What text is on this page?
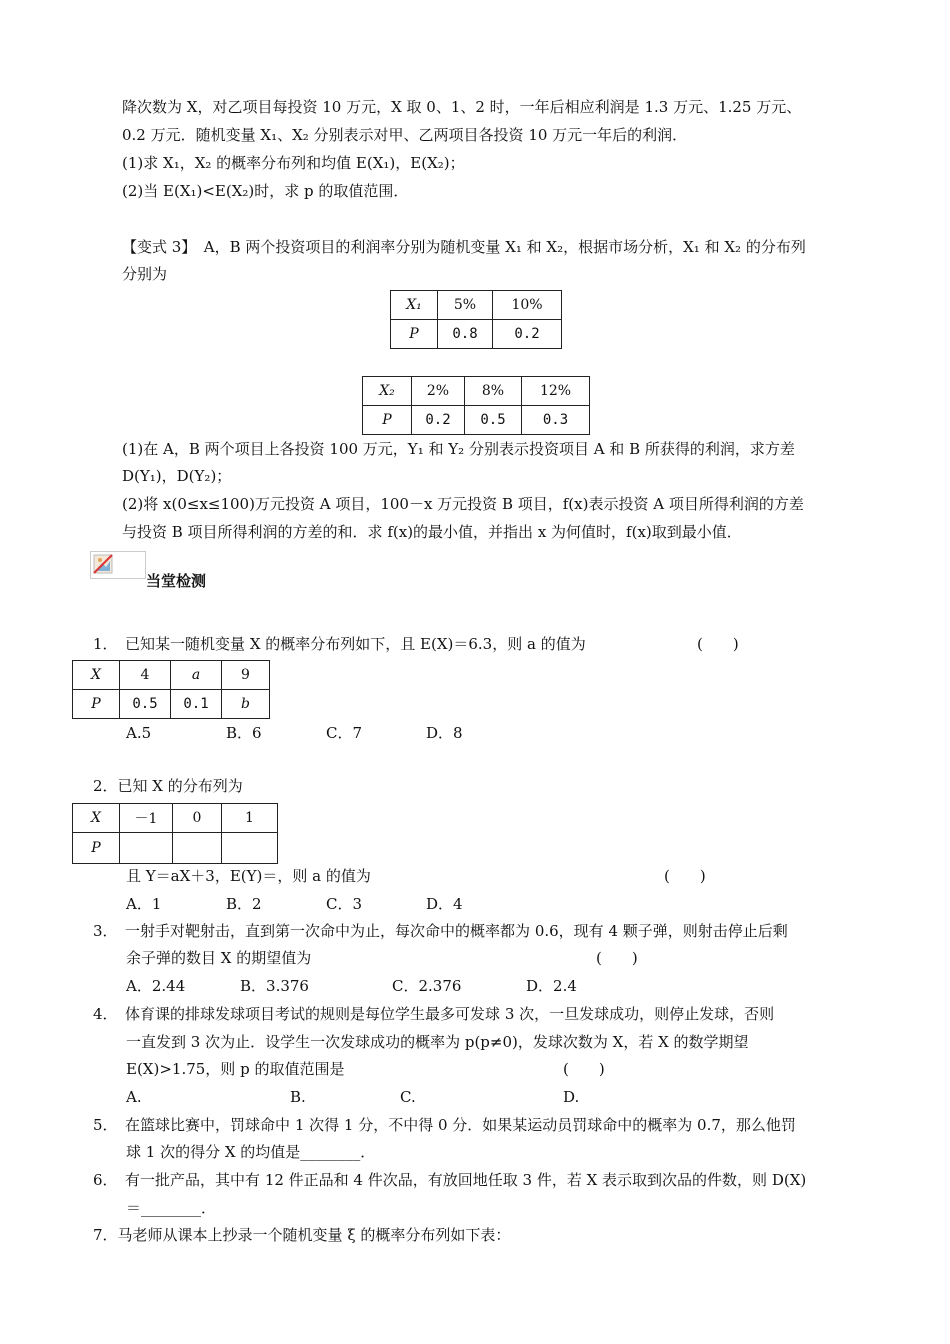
降次数为 X，对乙项目每投资 10 万元，X 取 0、1、2 时，一年后相应利润是 1.3 万元、1.25 万元、
0.2 万元．随机变量 X₁、X₂ 分别表示对甲、乙两项目各投资 10 万元一年后的利润．
(1)求 X₁，X₂ 的概率分布列和均值 E(X₁)，E(X₂)；
(2)当 E(X₁)<E(X₂)时，求 p 的取值范围．
【变式 3】　A，B 两个投资项目的利润率分别为随机变量 X₁ 和 X₂，根据市场分析，X₁ 和 X₂ 的分布列
分别为
X₁	5%	10%
P	0.8	0.2
X₂	2%	8%	12%
P	0.2	0.5	0.3
(1)在 A，B 两个项目上各投资 100 万元，Y₁ 和 Y₂ 分别表示投资项目 A 和 B 所获得的利润，求方差
D(Y₁)，D(Y₂)；
(2)将 x(0≤x≤100)万元投资 A 项目，100－x 万元投资 B 项目，f(x)表示投资 A 项目所得利润的方差
与投资 B 项目所得利润的方差的和．求 f(x)的最小值，并指出 x 为何值时，f(x)取到最小值．
当堂检测
1．　已知某一随机变量 X 的概率分布列如下，且 E(X)＝6.3，则 a 的值为	(　　)
X	4	a	9
P	0.5	0.1	b
A.5	B．6	C．7	D．8
2．已知 X 的分布列为
X	－1	0	1
P			
且 Y＝aX＋3，E(Y)＝，则 a 的值为	(　　)
A．1	B．2	C．3	D．4
3．　一射手对靶射击，直到第一次命中为止，每次命中的概率都为 0.6，现有 4 颗子弹，则射击停止后剩
余子弹的数目 X 的期望值为	(　　)
A．2.44	B．3.376	C．2.376	D．2.4
4．　体育课的排球发球项目考试的规则是每位学生最多可发球 3 次，一旦发球成功，则停止发球，否则
一直发到 3 次为止．设学生一次发球成功的概率为 p(p≠0)，发球次数为 X，若 X 的数学期望
E(X)>1.75，则 p 的取值范围是	(　　)
A.	B.	C.	D.
5．　在篮球比赛中，罚球命中 1 次得 1 分，不中得 0 分．如果某运动员罚球命中的概率为 0.7，那么他罚
球 1 次的得分 X 的均值是________．
6．　有一批产品，其中有 12 件正品和 4 件次品，有放回地任取 3 件，若 X 表示取到次品的件数，则 D(X)
＝________．
7．马老师从课本上抄录一个随机变量 ξ 的概率分布列如下表：
